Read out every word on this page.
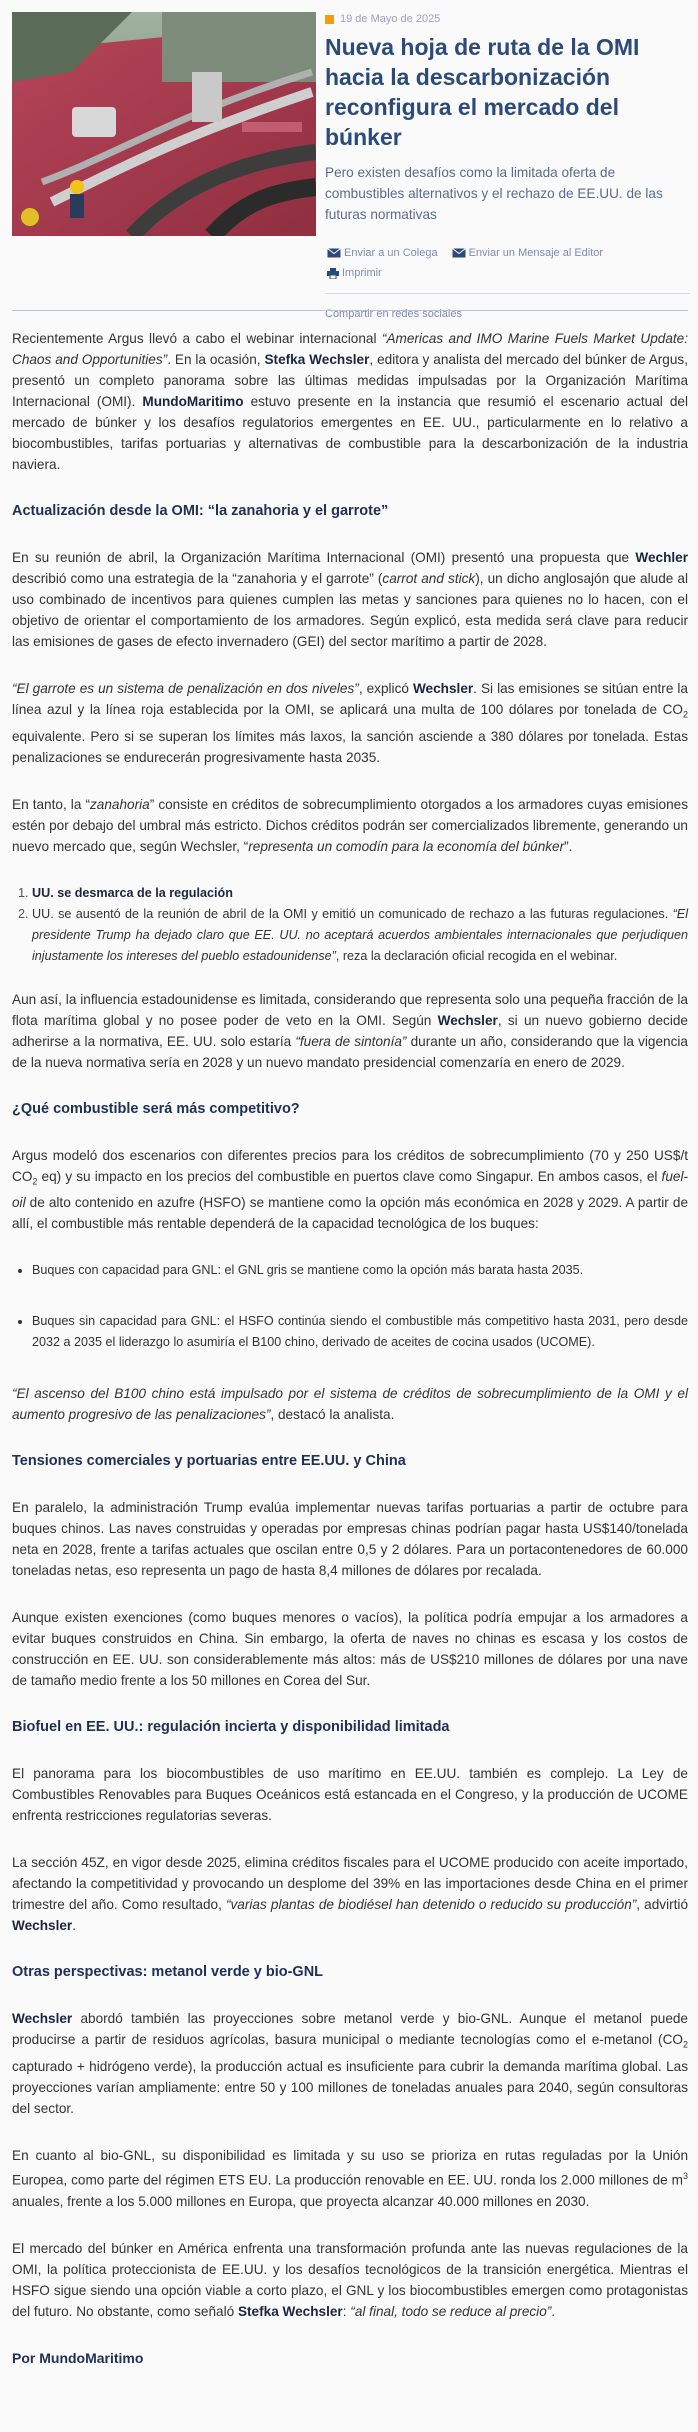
19 de Mayo de 2025
Nueva hoja de ruta de la OMI hacia la descarbonización reconfigura el mercado del búnker
Pero existen desafíos como la limitada oferta de combustibles alternativos y el rechazo de EE.UU. de las futuras normativas
Enviar a un Colega	Enviar un Mensaje al Editor
Imprimir
Compartir en redes sociales

Recientemente Argus llevó a cabo el webinar internacional “Americas and IMO Marine Fuels Market Update: Chaos and Opportunities”. En la ocasión, Stefka Wechsler, editora y analista del mercado del búnker de Argus, presentó un completo panorama sobre las últimas medidas impulsadas por la Organización Marítima Internacional (OMI). MundoMaritimo estuvo presente en la instancia que resumió el escenario actual del mercado de búnker y los desafíos regulatorios emergentes en EE. UU., particularmente en lo relativo a biocombustibles, tarifas portuarias y alternativas de combustible para la descarbonización de la industria naviera.

Actualización desde la OMI: “la zanahoria y el garrote”

En su reunión de abril, la Organización Marítima Internacional (OMI) presentó una propuesta que Wechler describió como una estrategia de la “zanahoria y el garrote” (carrot and stick), un dicho anglosajón que alude al uso combinado de incentivos para quienes cumplen las metas y sanciones para quienes no lo hacen, con el objetivo de orientar el comportamiento de los armadores. Según explicó, esta medida será clave para reducir las emisiones de gases de efecto invernadero (GEI) del sector marítimo a partir de 2028.

“El garrote es un sistema de penalización en dos niveles”, explicó Wechsler. Si las emisiones se sitúan entre la línea azul y la línea roja establecida por la OMI, se aplicará una multa de 100 dólares por tonelada de $CO_2$ equivalente. Pero si se superan los límites más laxos, la sanción asciende a 380 dólares por tonelada. Estas penalizaciones se endurecerán progresivamente hasta 2035.

En tanto, la “zanahoria” consiste en créditos de sobrecumplimiento otorgados a los armadores cuyas emisiones estén por debajo del umbral más estricto. Dichos créditos podrán ser comercializados libremente, generando un nuevo mercado que, según Wechsler, “representa un comodín para la economía del búnker”.

1. UU. se desmarca de la regulación
2. UU. se ausentó de la reunión de abril de la OMI y emitió un comunicado de rechazo a las futuras regulaciones. “El presidente Trump ha dejado claro que EE. UU. no aceptará acuerdos ambientales internacionales que perjudiquen injustamente los intereses del pueblo estadounidense”, reza la declaración oficial recogida en el webinar.

Aun así, la influencia estadounidense es limitada, considerando que representa solo una pequeña fracción de la flota marítima global y no posee poder de veto en la OMI. Según Wechsler, si un nuevo gobierno decide adherirse a la normativa, EE. UU. solo estaría “fuera de sintonía” durante un año, considerando que la vigencia de la nueva normativa sería en 2028 y un nuevo mandato presidencial comenzaría en enero de 2029.

¿Qué combustible será más competitivo?

Argus modeló dos escenarios con diferentes precios para los créditos de sobrecumplimiento (70 y 250 US$/t $CO_2$ eq) y su impacto en los precios del combustible en puertos clave como Singapur. En ambos casos, el fuel-oil de alto contenido en azufre (HSFO) se mantiene como la opción más económica en 2028 y 2029. A partir de allí, el combustible más rentable dependerá de la capacidad tecnológica de los buques:

• Buques con capacidad para GNL: el GNL gris se mantiene como la opción más barata hasta 2035.
• Buques sin capacidad para GNL: el HSFO continúa siendo el combustible más competitivo hasta 2031, pero desde 2032 a 2035 el liderazgo lo asumiría el B100 chino, derivado de aceites de cocina usados (UCOME).

“El ascenso del B100 chino está impulsado por el sistema de créditos de sobrecumplimiento de la OMI y el aumento progresivo de las penalizaciones”, destacó la analista.

Tensiones comerciales y portuarias entre EE.UU. y China

En paralelo, la administración Trump evalúa implementar nuevas tarifas portuarias a partir de octubre para buques chinos. Las naves construidas y operadas por empresas chinas podrían pagar hasta US$140/tonelada neta en 2028, frente a tarifas actuales que oscilan entre 0,5 y 2 dólares. Para un portacontenedores de 60.000 toneladas netas, eso representa un pago de hasta 8,4 millones de dólares por recalada.

Aunque existen exenciones (como buques menores o vacíos), la política podría empujar a los armadores a evitar buques construidos en China. Sin embargo, la oferta de naves no chinas es escasa y los costos de construcción en EE. UU. son considerablemente más altos: más de US$210 millones de dólares por una nave de tamaño medio frente a los 50 millones en Corea del Sur.

Biofuel en EE. UU.: regulación incierta y disponibilidad limitada

El panorama para los biocombustibles de uso marítimo en EE.UU. también es complejo. La Ley de Combustibles Renovables para Buques Oceánicos está estancada en el Congreso, y la producción de UCOME enfrenta restricciones regulatorias severas.

La sección 45Z, en vigor desde 2025, elimina créditos fiscales para el UCOME producido con aceite importado, afectando la competitividad y provocando un desplome del 39% en las importaciones desde China en el primer trimestre del año. Como resultado, “varias plantas de biodiésel han detenido o reducido su producción”, advirtió Wechsler.

Otras perspectivas: metanol verde y bio-GNL

Wechsler abordó también las proyecciones sobre metanol verde y bio-GNL. Aunque el metanol puede producirse a partir de residuos agrícolas, basura municipal o mediante tecnologías como el e-metanol ($CO_2$ capturado + hidrógeno verde), la producción actual es insuficiente para cubrir la demanda marítima global. Las proyecciones varían ampliamente: entre 50 y 100 millones de toneladas anuales para 2040, según consultoras del sector.

En cuanto al bio-GNL, su disponibilidad es limitada y su uso se prioriza en rutas reguladas por la Unión Europea, como parte del régimen ETS EU. La producción renovable en EE. UU. ronda los 2.000 millones de $m^3$ anuales, frente a los 5.000 millones en Europa, que proyecta alcanzar 40.000 millones en 2030.

El mercado del búnker en América enfrenta una transformación profunda ante las nuevas regulaciones de la OMI, la política proteccionista de EE.UU. y los desafíos tecnológicos de la transición energética. Mientras el HSFO sigue siendo una opción viable a corto plazo, el GNL y los biocombustibles emergen como protagonistas del futuro. No obstante, como señaló Stefka Wechsler: “al final, todo se reduce al precio”.

Por MundoMaritimo
